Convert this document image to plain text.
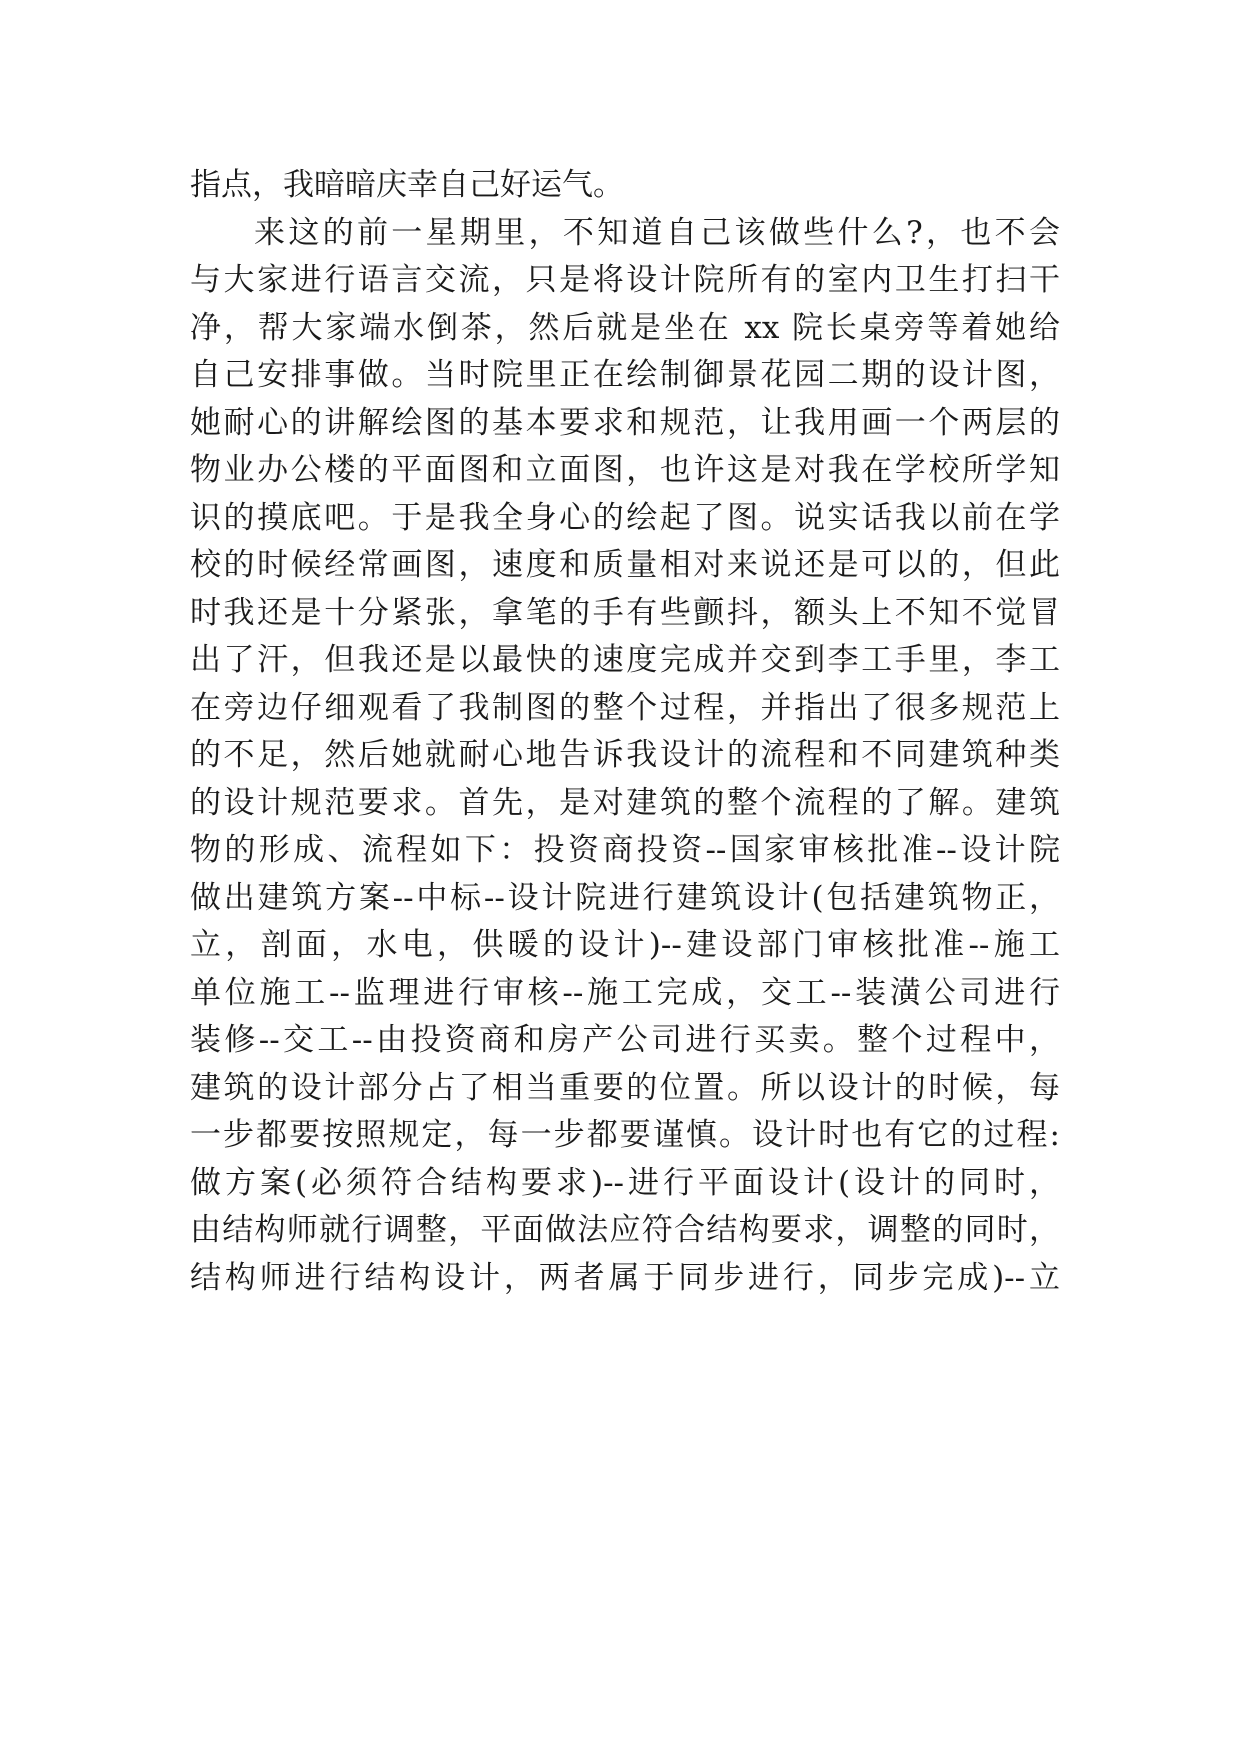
指点，我暗暗庆幸自己好运气。
来这的前一星期里，不知道自己该做些什么?，也不会
与大家进行语言交流，只是将设计院所有的室内卫生打扫干
净，帮大家端水倒茶，然后就是坐在 xx 院长桌旁等着她给
自己安排事做。当时院里正在绘制御景花园二期的设计图，
她耐心的讲解绘图的基本要求和规范，让我用画一个两层的
物业办公楼的平面图和立面图，也许这是对我在学校所学知
识的摸底吧。于是我全身心的绘起了图。说实话我以前在学
校的时候经常画图，速度和质量相对来说还是可以的，但此
时我还是十分紧张，拿笔的手有些颤抖，额头上不知不觉冒
出了汗，但我还是以最快的速度完成并交到李工手里，李工
在旁边仔细观看了我制图的整个过程，并指出了很多规范上
的不足，然后她就耐心地告诉我设计的流程和不同建筑种类
的设计规范要求。首先，是对建筑的整个流程的了解。建筑
物的形成、流程如下：投资商投资--国家审核批准--设计院
做出建筑方案--中标--设计院进行建筑设计(包括建筑物正，
立，剖面，水电，供暖的设计)--建设部门审核批准--施工
单位施工--监理进行审核--施工完成，交工--装潢公司进行
装修--交工--由投资商和房产公司进行买卖。整个过程中，
建筑的设计部分占了相当重要的位置。所以设计的时候，每
一步都要按照规定，每一步都要谨慎。设计时也有它的过程:
做方案(必须符合结构要求)--进行平面设计(设计的同时，
由结构师就行调整，平面做法应符合结构要求，调整的同时，
结构师进行结构设计，两者属于同步进行，同步完成)--立
